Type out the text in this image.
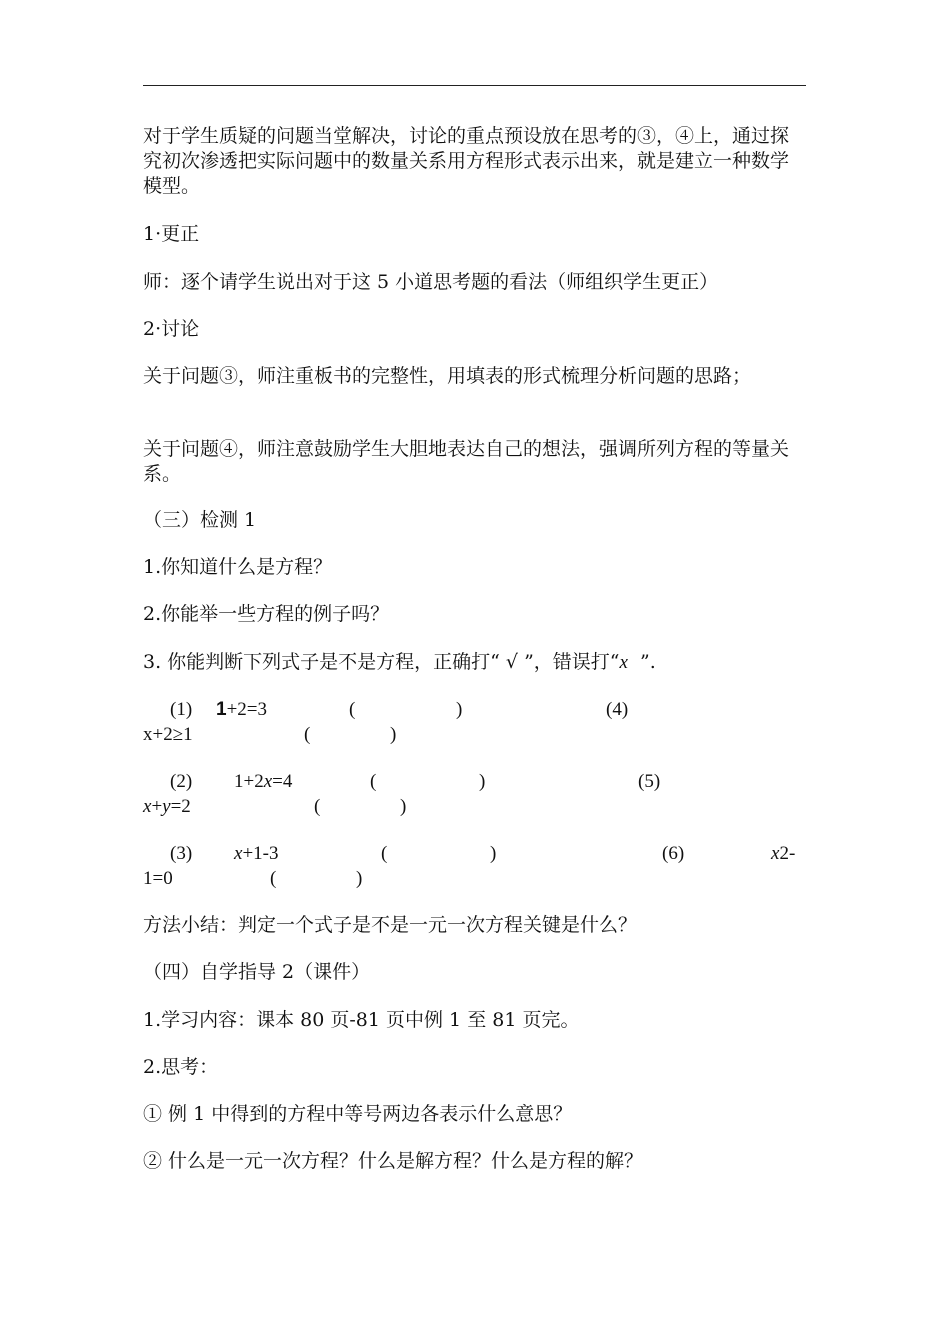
对于学生质疑的问题当堂解决，讨论的重点预设放在思考的③，④上，通过探究初次渗透把实际问题中的数量关系用方程形式表示出来，就是建立一种数学模型。
1·更正
师：逐个请学生说出对于这 5 小道思考题的看法（师组织学生更正）
2·讨论
关于问题③，师注重板书的完整性，用填表的形式梳理分析问题的思路；
关于问题④，师注意鼓励学生大胆地表达自己的想法，强调所列方程的等量关系。
（三）检测 1
1.你知道什么是方程？
2.你能举一些方程的例子吗？
3. 你能判断下列式子是不是方程，正确打“ √ ”，错误打“x  ”.
(1) 1+2=3	(	)	(4)
x+2≥1	(	)
(2) 1+2x=4	(	)	(5)
x+y=2	(	)
(3) x+1-3	(	)	(6)	x2-
1=0	(	)
方法小结：判定一个式子是不是一元一次方程关键是什么？
（四）自学指导 2（课件）
1.学习内容：课本 80 页-81 页中例 1 至 81 页完。
2.思考：
① 例 1 中得到的方程中等号两边各表示什么意思？
② 什么是一元一次方程？什么是解方程？什么是方程的解？
